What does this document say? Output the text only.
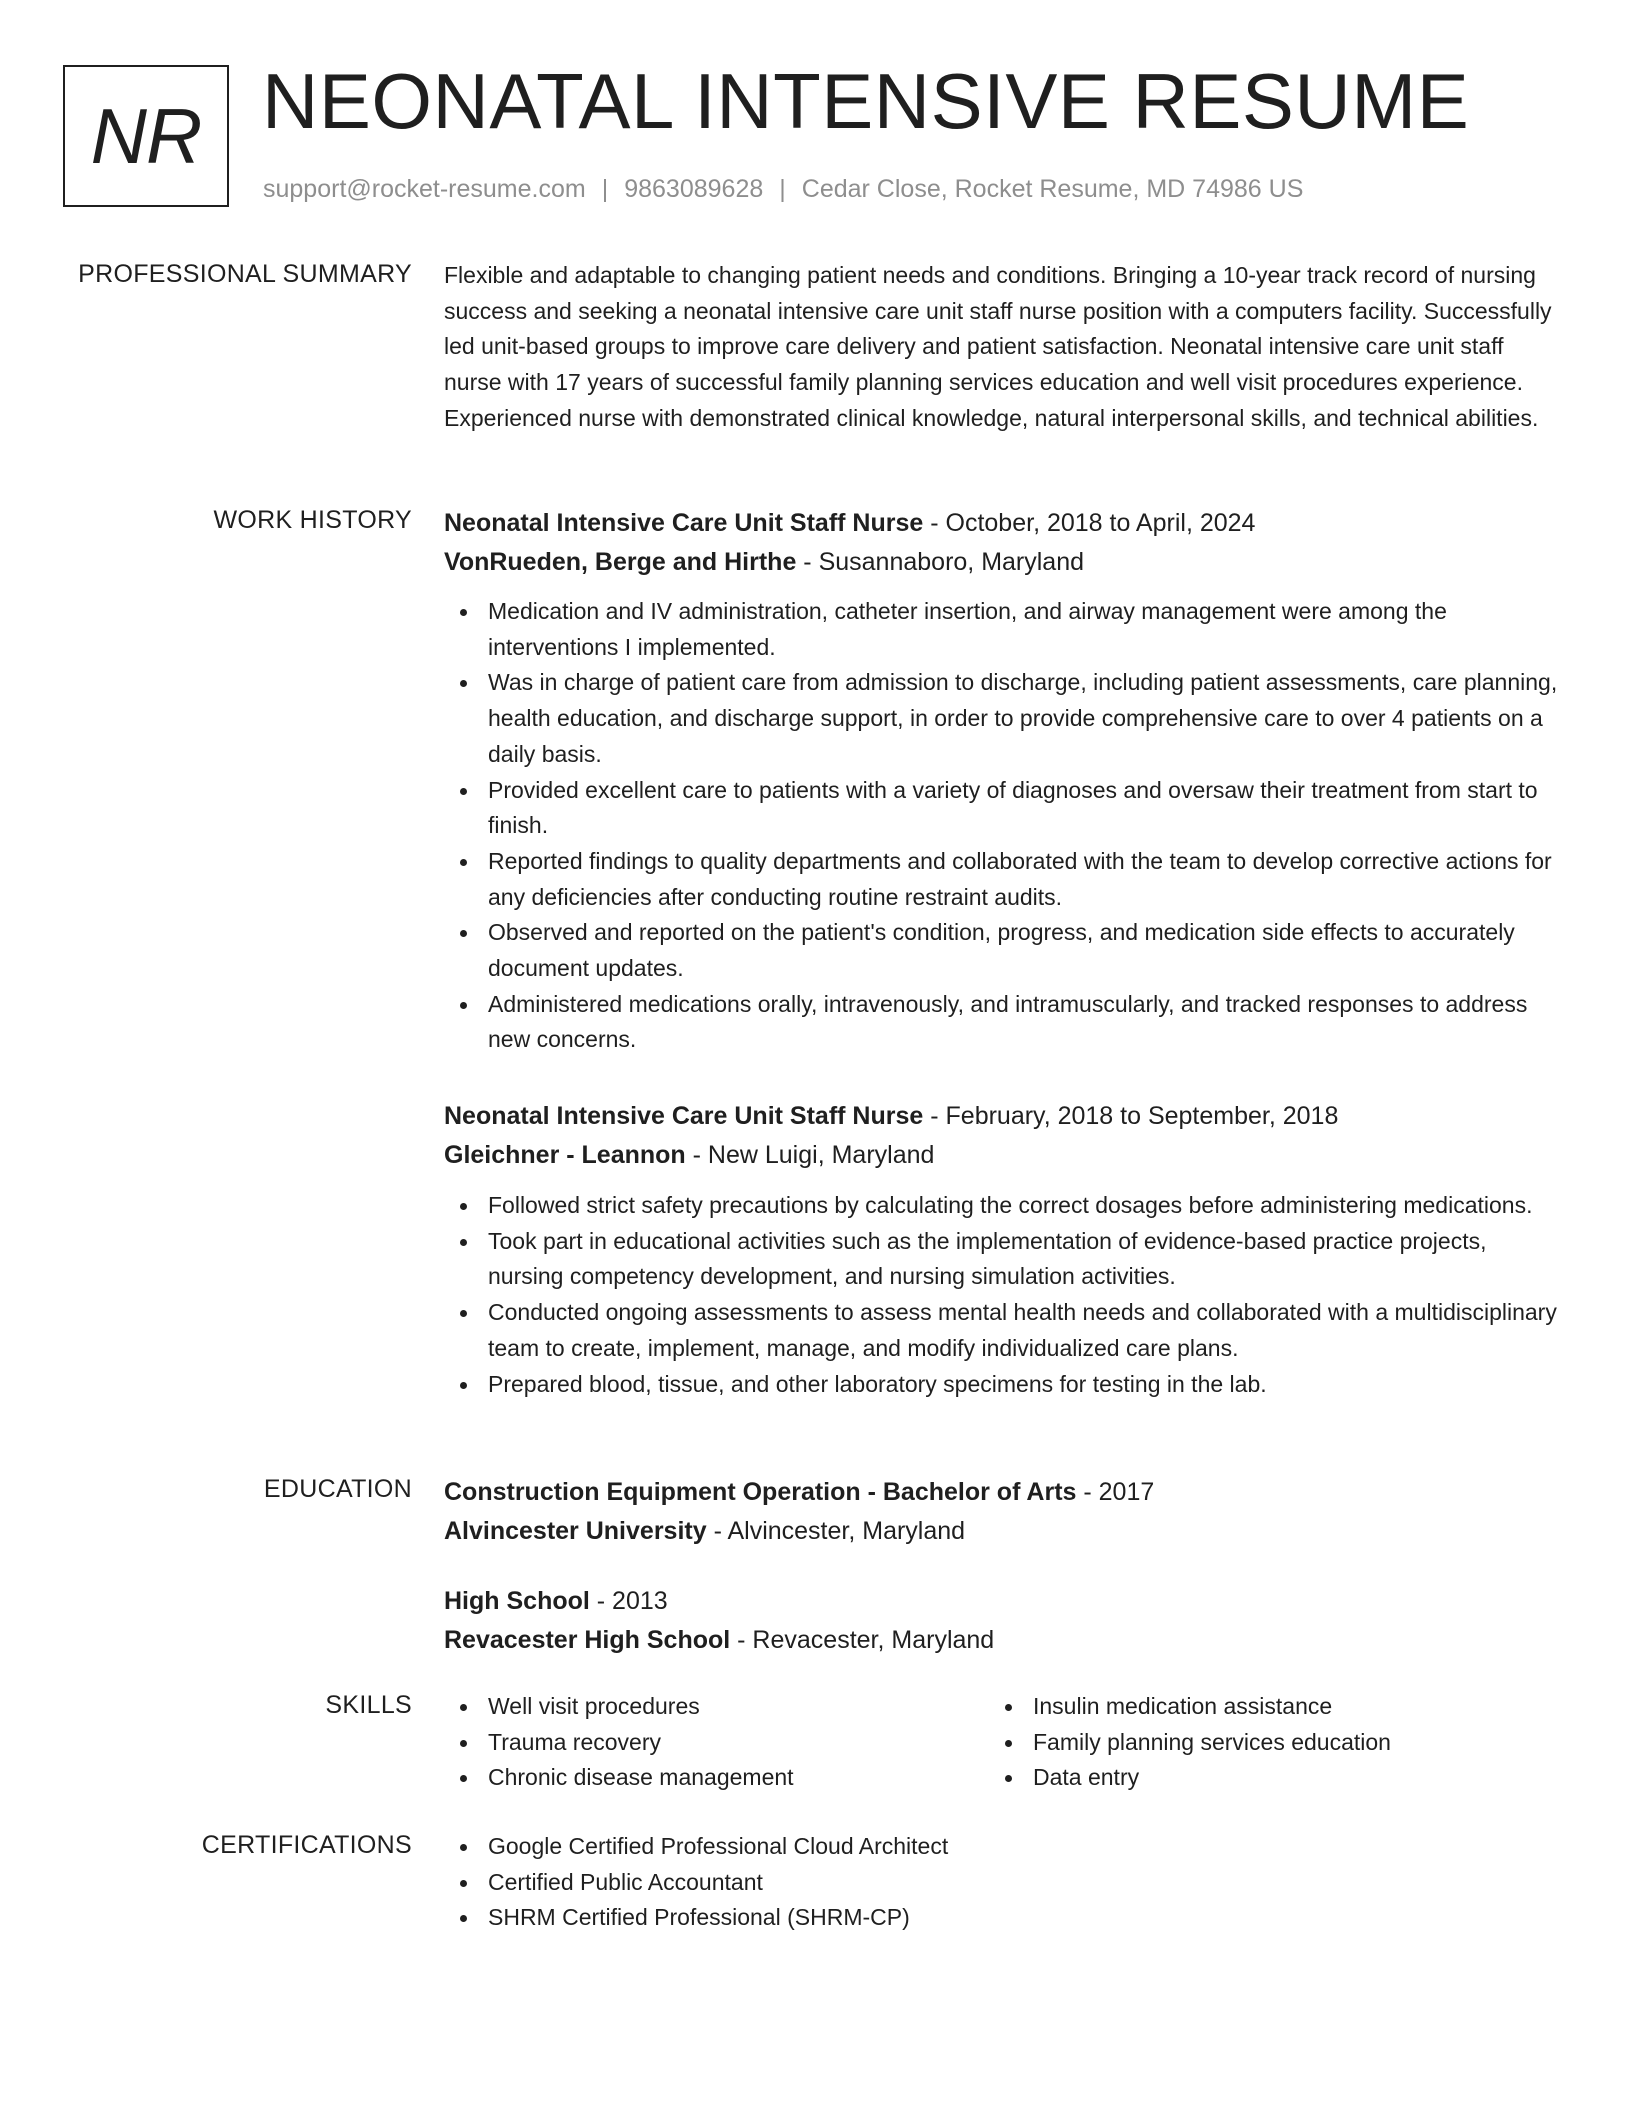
NR NEONATAL INTENSIVE RESUME
support@rocket-resume.com | 9863089628 | Cedar Close, Rocket Resume, MD 74986 US
PROFESSIONAL SUMMARY Flexible and adaptable to changing patient needs and conditions. Bringing a 10-year track record of nursing success and seeking a neonatal intensive care unit staff nurse position with a computers facility. Successfully led unit-based groups to improve care delivery and patient satisfaction. Neonatal intensive care unit staff nurse with 17 years of successful family planning services education and well visit procedures experience. Experienced nurse with demonstrated clinical knowledge, natural interpersonal skills, and technical abilities.

WORK HISTORY Neonatal Intensive Care Unit Staff Nurse - October, 2018 to April, 2024
VonRueden, Berge and Hirthe - Susannaboro, Maryland
Medication and IV administration, catheter insertion, and airway management were among the interventions I implemented.
Was in charge of patient care from admission to discharge, including patient assessments, care planning, health education, and discharge support, in order to provide comprehensive care to over 4 patients on a daily basis.
Provided excellent care to patients with a variety of diagnoses and oversaw their treatment from start to finish.
Reported findings to quality departments and collaborated with the team to develop corrective actions for any deficiencies after conducting routine restraint audits.
Observed and reported on the patient's condition, progress, and medication side effects to accurately document updates.
Administered medications orally, intravenously, and intramuscularly, and tracked responses to address new concerns.
Neonatal Intensive Care Unit Staff Nurse - February, 2018 to September, 2018
Gleichner - Leannon - New Luigi, Maryland
Followed strict safety precautions by calculating the correct dosages before administering medications.
Took part in educational activities such as the implementation of evidence-based practice projects, nursing competency development, and nursing simulation activities.
Conducted ongoing assessments to assess mental health needs and collaborated with a multidisciplinary team to create, implement, manage, and modify individualized care plans.
Prepared blood, tissue, and other laboratory specimens for testing in the lab.
EDUCATION Construction Equipment Operation - Bachelor of Arts - 2017
Alvincester University - Alvincester, Maryland
High School - 2013
Revacester High School - Revacester, Maryland
SKILLS	Well visit procedures
Trauma recovery
Chronic disease management
Insulin medication assistance
Family planning services education
Data entry
CERTIFICATIONS	Google Certified Professional Cloud Architect
Certified Public Accountant
SHRM Certified Professional (SHRM-CP)
